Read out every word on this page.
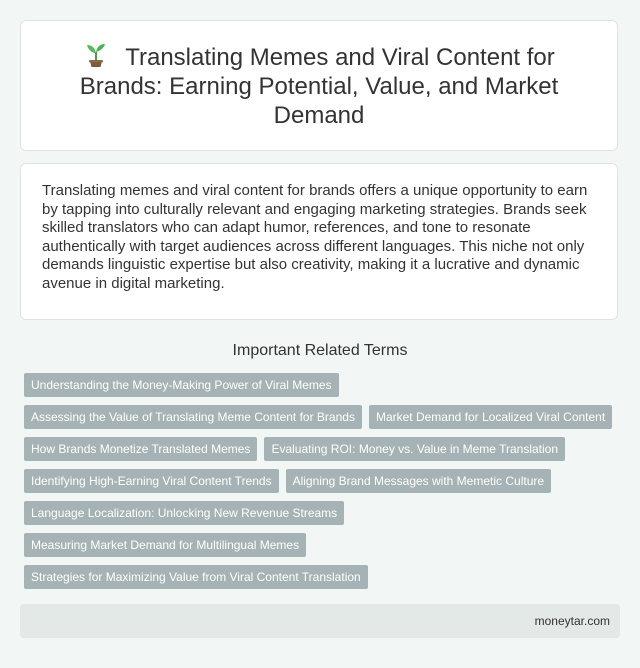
Translating Memes and Viral Content for Brands: Earning Potential, Value, and Market Demand

Translating memes and viral content for brands offers a unique opportunity to earn by tapping into culturally relevant and engaging marketing strategies. Brands seek skilled translators who can adapt humor, references, and tone to resonate authentically with target audiences across different languages. This niche not only demands linguistic expertise but also creativity, making it a lucrative and dynamic avenue in digital marketing.

Important Related Terms
Understanding the Money-Making Power of Viral Memes
Assessing the Value of Translating Meme Content for Brands	Market Demand for Localized Viral Content
How Brands Monetize Translated Memes	Evaluating ROI: Money vs. Value in Meme Translation
Identifying High-Earning Viral Content Trends	Aligning Brand Messages with Memetic Culture
Language Localization: Unlocking New Revenue Streams
Measuring Market Demand for Multilingual Memes
Strategies for Maximizing Value from Viral Content Translation
moneytar.com
